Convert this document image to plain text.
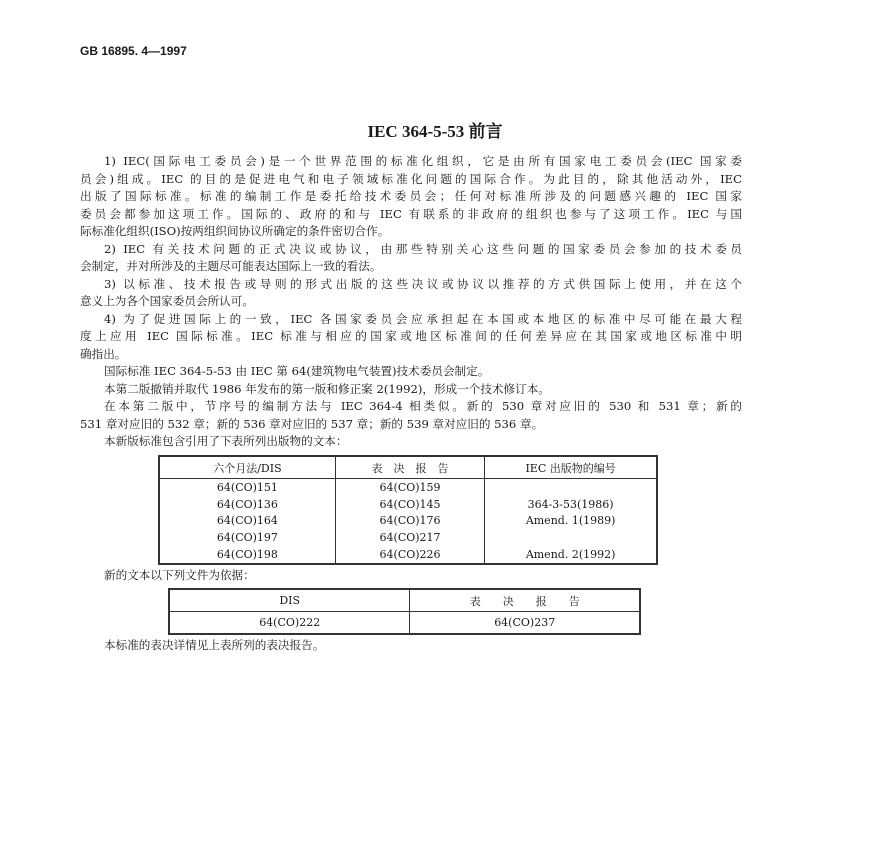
GB 16895. 4—1997
IEC 364-5-53 前言
1) IEC(国际电工委员会)是一个世界范围的标准化组织，它是由所有国家电工委员会(IEC 国家委
员会)组成。IEC 的目的是促进电气和电子领域标准化问题的国际合作。为此目的，除其他活动外，IEC
出版了国际标准。标准的编制工作是委托给技术委员会；任何对标准所涉及的问题感兴趣的 IEC 国家
委员会都参加这项工作。国际的、政府的和与 IEC 有联系的非政府的组织也参与了这项工作。IEC 与国
际标准化组织(ISO)按两组织间协议所确定的条件密切合作。
2) IEC 有关技术问题的正式决议或协议，由那些特别关心这些问题的国家委员会参加的技术委员
会制定，并对所涉及的主题尽可能表达国际上一致的看法。
3) 以标准、技术报告或导则的形式出版的这些决议或协议以推荐的方式供国际上使用，并在这个
意义上为各个国家委员会所认可。
4) 为了促进国际上的一致，IEC 各国家委员会应承担起在本国或本地区的标准中尽可能在最大程
度上应用 IEC 国际标准。IEC 标准与相应的国家或地区标准间的任何差异应在其国家或地区标准中明
确指出。
国际标准 IEC 364-5-53 由 IEC 第 64(建筑物电气装置)技术委员会制定。
本第二版撤销并取代 1986 年发布的第一版和修正案 2(1992)，形成一个技术修订本。
在本第二版中，节序号的编制方法与 IEC 364-4 相类似。新的 530 章对应旧的 530 和 531 章；新的
531 章对应旧的 532 章；新的 536 章对应旧的 537 章；新的 539 章对应旧的 536 章。
本新版标准包含引用了下表所列出版物的文本：
六个月法/DIS	表　决　报　告	IEC 出版物的编号
64(CO)151	64(CO)159	
64(CO)136	64(CO)145	364-3-53(1986)
64(CO)164	64(CO)176	Amend. 1(1989)
64(CO)197	64(CO)217	
64(CO)198	64(CO)226	Amend. 2(1992)
新的文本以下列文件为依据：
DIS	表　　决　　报　　告
64(CO)222	64(CO)237
本标准的表决详情见上表所列的表决报告。
